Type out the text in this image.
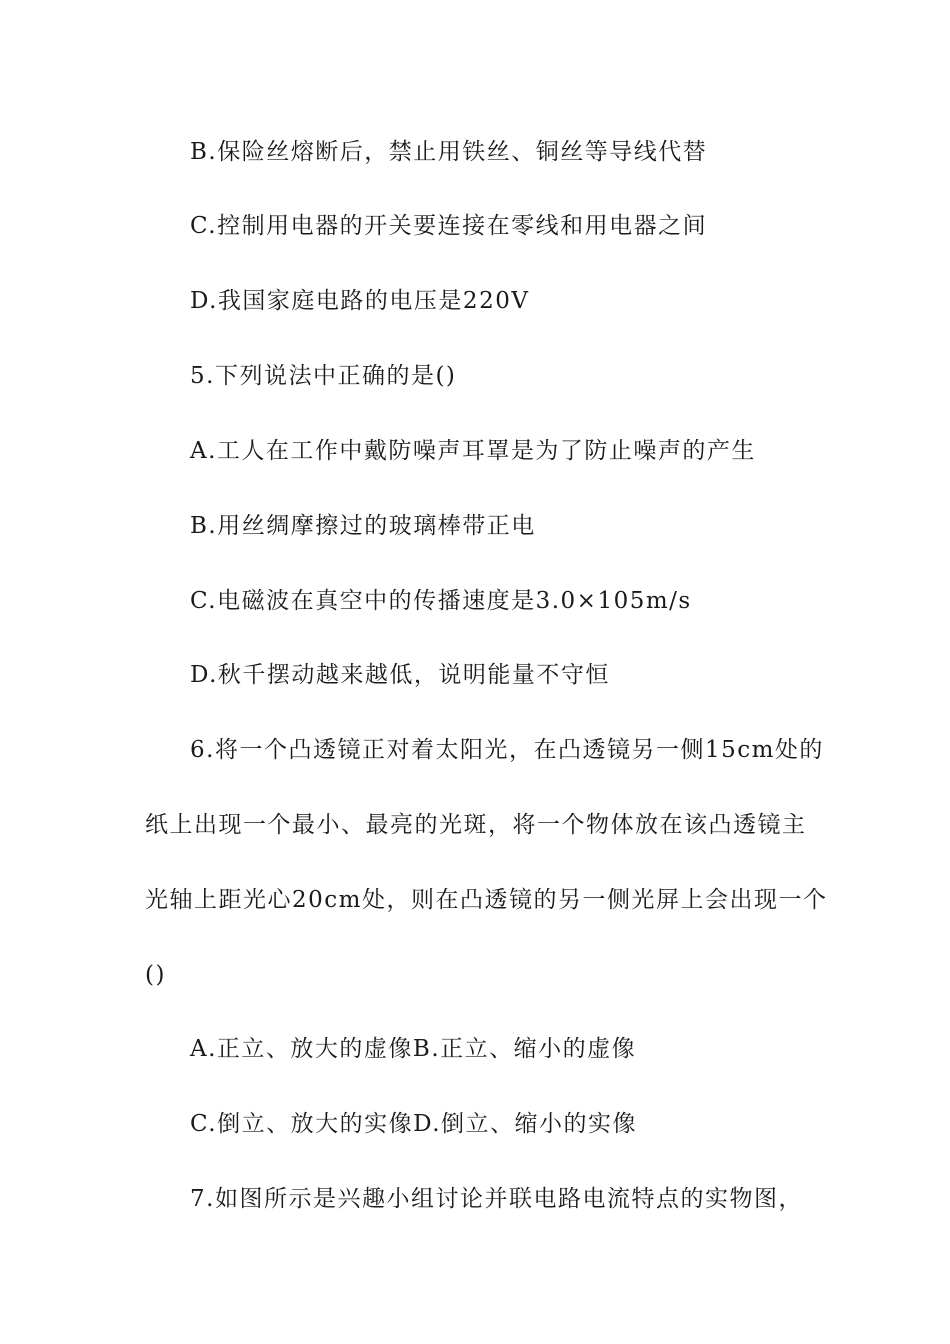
B.保险丝熔断后，禁止用铁丝、铜丝等导线代替
C.控制用电器的开关要连接在零线和用电器之间
D.我国家庭电路的电压是220V
5.下列说法中正确的是()
A.工人在工作中戴防噪声耳罩是为了防止噪声的产生
B.用丝绸摩擦过的玻璃棒带正电
C.电磁波在真空中的传播速度是3.0×105m/s
D.秋千摆动越来越低，说明能量不守恒
6.将一个凸透镜正对着太阳光，在凸透镜另一侧15cm处的
纸上出现一个最小、最亮的光斑，将一个物体放在该凸透镜主
光轴上距光心20cm处，则在凸透镜的另一侧光屏上会出现一个
()
A.正立、放大的虚像B.正立、缩小的虚像
C.倒立、放大的实像D.倒立、缩小的实像
7.如图所示是兴趣小组讨论并联电路电流特点的实物图，
